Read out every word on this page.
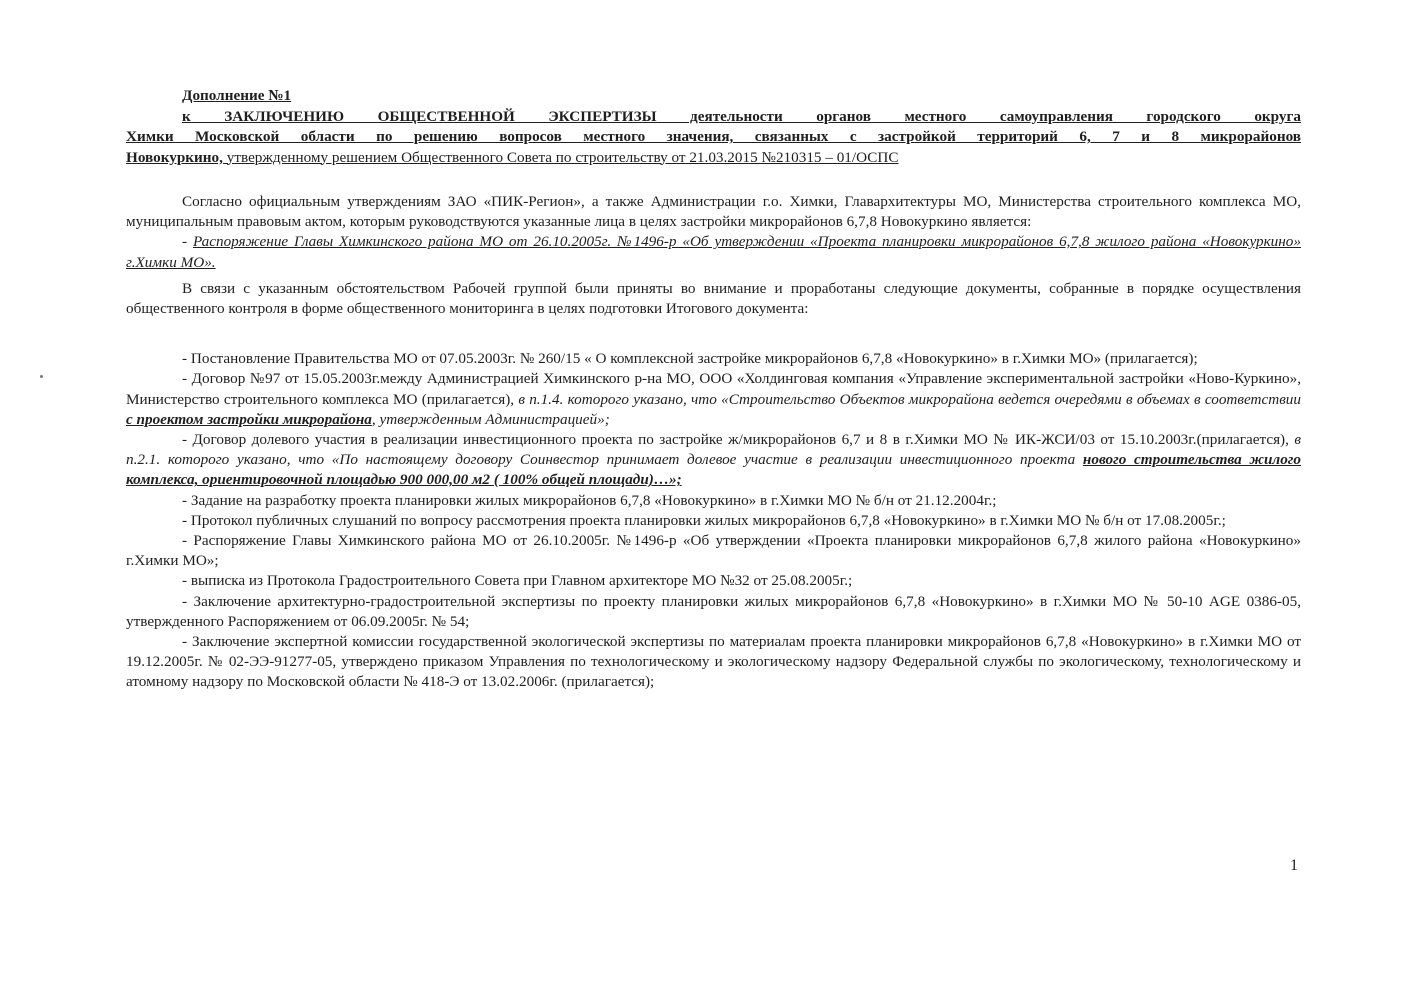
Дополнение №1
к ЗАКЛЮЧЕНИЮ ОБЩЕСТВЕННОЙ ЭКСПЕРТИЗЫ деятельности органов местного самоуправления городского округа
Химки Московской области по решению вопросов местного значения, связанных с застройкой территорий 6, 7 и 8 микрорайонов
Новокуркино, утвержденному решением Общественного Совета по строительству от 21.03.2015 №210315 – 01/ОСПС

Согласно официальным утверждениям ЗАО «ПИК-Регион», а также Администрации г.о. Химки, Главархитектуры МО, Министерства строительного комплекса МО, муниципальным правовым актом, которым руководствуются указанные лица в целях застройки микрорайонов 6,7,8 Новокуркино является:

- Распоряжение Главы Химкинского района МО от 26.10.2005г. №1496-р «Об утверждении «Проекта планировки микрорайонов 6,7,8 жилого района «Новокуркино» г.Химки МО».

В связи с указанным обстоятельством Рабочей группой были приняты во внимание и проработаны следующие документы, собранные в порядке осуществления общественного контроля в форме общественного мониторинга в целях подготовки Итогового документа:

- Постановление Правительства МО от 07.05.2003г. № 260/15 « О комплексной застройке микрорайонов 6,7,8 «Новокуркино» в г.Химки МО» (прилагается);

- Договор №97 от 15.05.2003г.между Администрацией Химкинского р-на МО, ООО «Холдинговая компания «Управление экспериментальной застройки «Ново-Куркино», Министерство строительного комплекса МО (прилагается), в п.1.4. которого указано, что «Строительство Объектов микрорайона ведется очередями в объемах в соответствии с проектом застройки микрорайона, утвержденным Администрацией»;

- Договор долевого участия в реализации инвестиционного проекта по застройке ж/микрорайонов 6,7 и 8 в г.Химки МО № ИК-ЖСИ/03 от 15.10.2003г.(прилагается), в п.2.1. которого указано, что «По настоящему договору Соинвестор принимает долевое участие в реализации инвестиционного проекта нового строительства жилого комплекса, ориентировочной площадью 900 000,00 м2 ( 100% общей площади)…»;

- Задание на разработку проекта планировки жилых микрорайонов 6,7,8 «Новокуркино» в г.Химки МО № б/н от 21.12.2004г.;

- Протокол публичных слушаний по вопросу рассмотрения проекта планировки жилых микрорайонов 6,7,8 «Новокуркино» в г.Химки МО № б/н от 17.08.2005г.;

- Распоряжение Главы Химкинского района МО от 26.10.2005г. №1496-р «Об утверждении «Проекта планировки микрорайонов 6,7,8 жилого района «Новокуркино» г.Химки МО»;

- выписка из Протокола Градостроительного Совета при Главном архитекторе МО №32 от 25.08.2005г.;

- Заключение архитектурно-градостроительной экспертизы по проекту планировки жилых микрорайонов 6,7,8 «Новокуркино» в г.Химки МО № 50-10 AGE 0386-05, утвержденного Распоряжением от 06.09.2005г. № 54;

- Заключение экспертной комиссии государственной экологической экспертизы по материалам проекта планировки микрорайонов 6,7,8 «Новокуркино» в г.Химки МО от 19.12.2005г. № 02-ЭЭ-91277-05, утверждено приказом Управления по технологическому и экологическому надзору Федеральной службы по экологическому, технологическому и атомному надзору по Московской области № 418-Э от 13.02.2006г. (прилагается);

1
